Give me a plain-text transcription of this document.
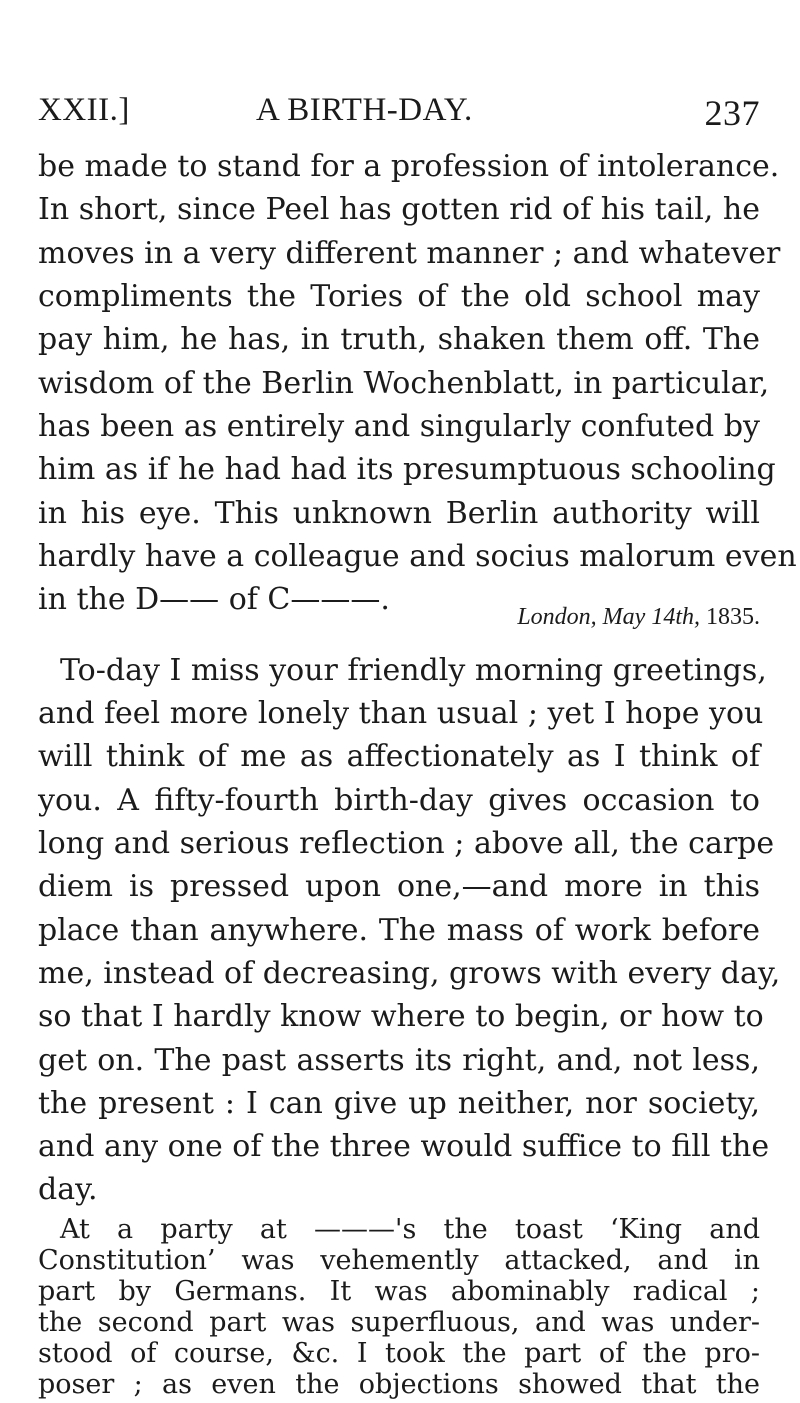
XXII.]	A BIRTH-DAY.	237
be made to stand for a profession of intolerance.
In short, since Peel has gotten rid of his tail, he
moves in a very different manner ; and whatever
compliments the Tories of the old school may
pay him, he has, in truth, shaken them off. The
wisdom of the Berlin Wochenblatt, in particular,
has been as entirely and singularly confuted by
him as if he had had its presumptuous schooling
in his eye. This unknown Berlin authority will
hardly have a colleague and socius malorum even
in the D—— of C———.	London, May 14th, 1835.
To-day I miss your friendly morning greetings,
and feel more lonely than usual ; yet I hope you
will think of me as affectionately as I think of
you. A fifty-fourth birth-day gives occasion to
long and serious reflection ; above all, the carpe
diem is pressed upon one,—and more in this
place than anywhere. The mass of work before
me, instead of decreasing, grows with every day,
so that I hardly know where to begin, or how to
get on. The past asserts its right, and, not less,
the present : I can give up neither, nor society,
and any one of the three would suffice to fill the
day.
At a party at ———'s the toast ‘King and
Constitution’ was vehemently attacked, and in
part by Germans. It was abominably radical ;
the second part was superfluous, and was under-
stood of course, &c. I took the part of the pro-
poser ; as even the objections showed that the
